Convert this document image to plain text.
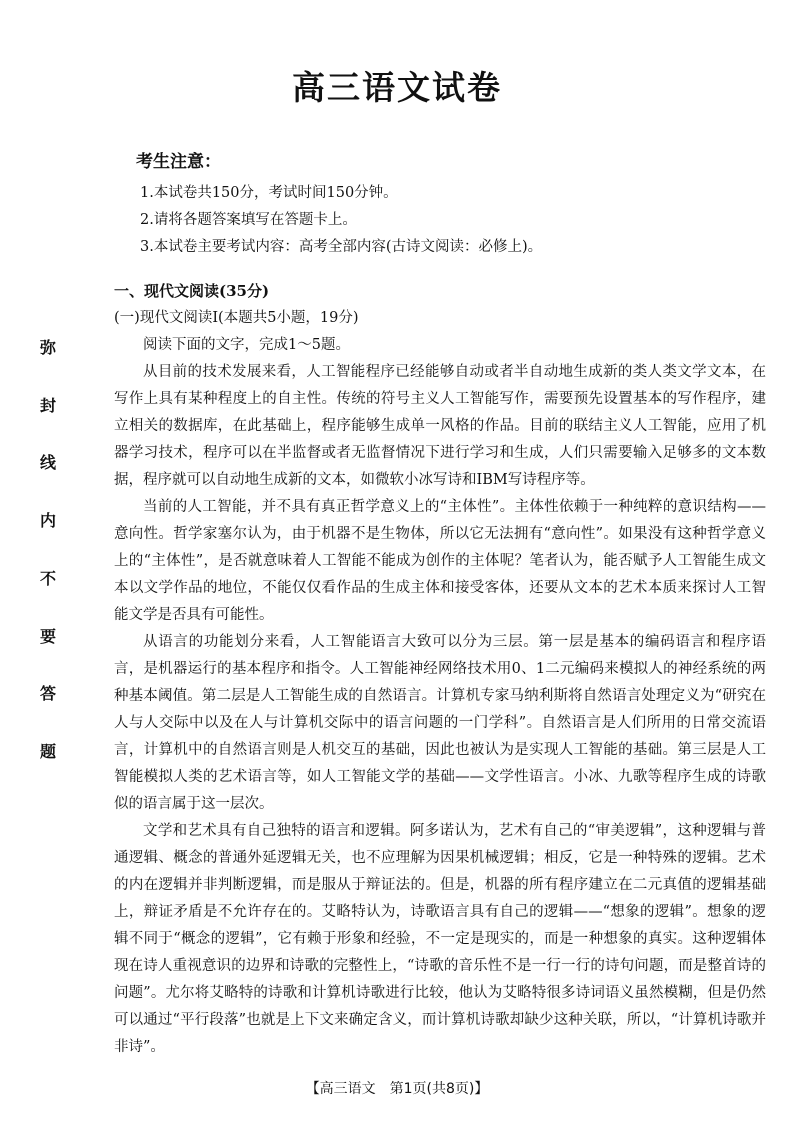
弥
封
线
内
不
要
答
题
高三语文试卷
考生注意：

1.本试卷共150分，考试时间150分钟。

2.请将各题答案填写在答题卡上。

3.本试卷主要考试内容：高考全部内容(古诗文阅读：必修上)。

一、现代文阅读(35分)

(一)现代文阅读Ⅰ(本题共5小题，19分)

阅读下面的文字，完成1～5题。

从目前的技术发展来看，人工智能程序已经能够自动或者半自动地生成新的类人类文学文本，在写作上具有某种程度上的自主性。传统的符号主义人工智能写作，需要预先设置基本的写作程序，建立相关的数据库，在此基础上，程序能够生成单一风格的作品。目前的联结主义人工智能，应用了机器学习技术，程序可以在半监督或者无监督情况下进行学习和生成，人们只需要输入足够多的文本数据，程序就可以自动地生成新的文本，如微软小冰写诗和IBM写诗程序等。

当前的人工智能，并不具有真正哲学意义上的“主体性”。主体性依赖于一种纯粹的意识结构——意向性。哲学家塞尔认为，由于机器不是生物体，所以它无法拥有“意向性”。如果没有这种哲学意义上的“主体性”，是否就意味着人工智能不能成为创作的主体呢？笔者认为，能否赋予人工智能生成文本以文学作品的地位，不能仅仅看作品的生成主体和接受客体，还要从文本的艺术本质来探讨人工智能文学是否具有可能性。

从语言的功能划分来看，人工智能语言大致可以分为三层。第一层是基本的编码语言和程序语言，是机器运行的基本程序和指令。人工智能神经网络技术用0、1二元编码来模拟人的神经系统的两种基本阈值。第二层是人工智能生成的自然语言。计算机专家马纳利斯将自然语言处理定义为“研究在人与人交际中以及在人与计算机交际中的语言问题的一门学科”。自然语言是人们所用的日常交流语言，计算机中的自然语言则是人机交互的基础，因此也被认为是实现人工智能的基础。第三层是人工智能模拟人类的艺术语言等，如人工智能文学的基础——文学性语言。小冰、九歌等程序生成的诗歌似的语言属于这一层次。

文学和艺术具有自己独特的语言和逻辑。阿多诺认为，艺术有自己的“审美逻辑”，这种逻辑与普通逻辑、概念的普通外延逻辑无关，也不应理解为因果机械逻辑；相反，它是一种特殊的逻辑。艺术的内在逻辑并非判断逻辑，而是服从于辩证法的。但是，机器的所有程序建立在二元真值的逻辑基础上，辩证矛盾是不允许存在的。艾略特认为，诗歌语言具有自己的逻辑——“想象的逻辑”。想象的逻辑不同于“概念的逻辑”，它有赖于形象和经验，不一定是现实的，而是一种想象的真实。这种逻辑体现在诗人重视意识的边界和诗歌的完整性上，“诗歌的音乐性不是一行一行的诗句问题，而是整首诗的问题”。尤尔将艾略特的诗歌和计算机诗歌进行比较，他认为艾略特很多诗词语义虽然模糊，但是仍然可以通过“平行段落”也就是上下文来确定含义，而计算机诗歌却缺少这种关联，所以，“计算机诗歌并非诗”。

【高三语文　第1页(共8页)】
